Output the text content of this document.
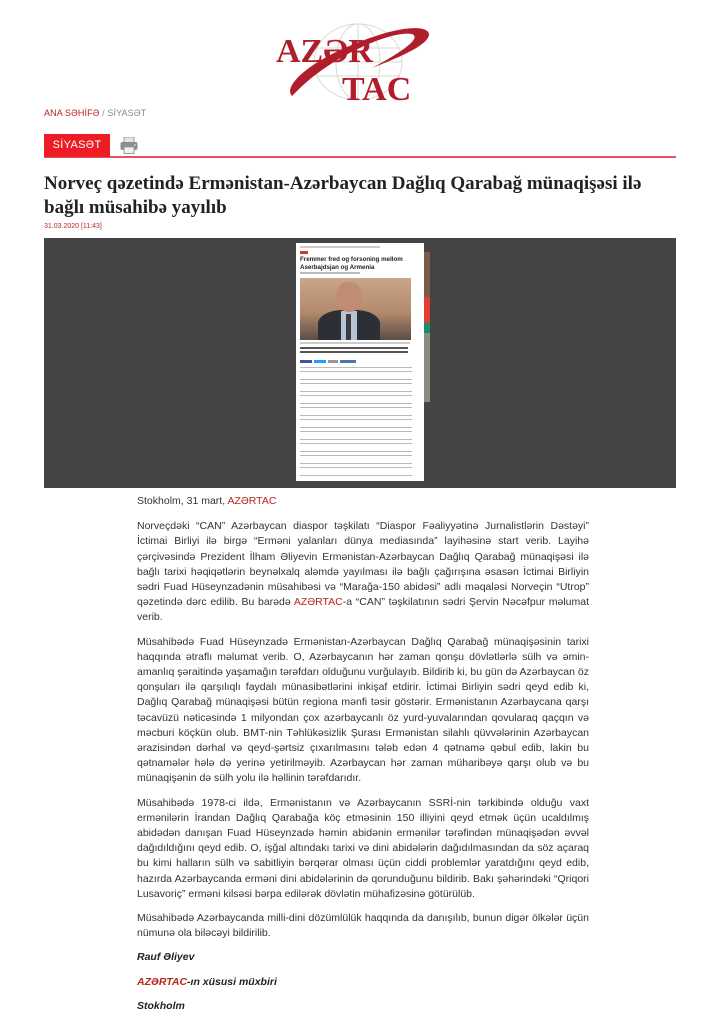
AZƏR
TAC
ANA SƏHİFƏ / SİYASƏT
SİYASƏT
Norveç qəzetində Ermənistan-Azərbaycan Dağlıq Qarabağ münaqişəsi ilə bağlı müsahibə yayılıb
31.03.2020 [11:43]
Fremmer fred og forsoning mellom Aserbajdsjan og Armenia

Stokholm, 31 mart, AZƏRTAC

Norveçdəki “CAN” Azərbaycan diaspor təşkilatı “Diaspor Fəaliyyətinə Jurnalistlərin Dəstəyi” İctimai Birliyi ilə birgə “Erməni yalanları dünya mediasında” layihəsinə start verib. Layihə çərçivəsində Prezident İlham Əliyevin Ermənistan-Azərbaycan Dağlıq Qarabağ münaqişəsi ilə bağlı tarixi həqiqətlərin beynəlxalq aləmdə yayılması ilə bağlı çağırışına əsasən İctimai Birliyin sədri Fuad Hüseynzadənin müsahibəsi və “Marağa-150 abidəsi” adlı məqaləsi Norveçin “Utrop” qəzetində dərc edilib. Bu barədə AZƏRTAC-a “CAN” təşkilatının sədri Şervin Nəcəfpur məlumat verib.

Müsahibədə Fuad Hüseynzadə Ermənistan-Azərbaycan Dağlıq Qarabağ münaqişəsinin tarixi haqqında ətraflı məlumat verib. O, Azərbaycanın hər zaman qonşu dövlətlərlə sülh və əmin-amanlıq şəraitində yaşamağın tərəfdarı olduğunu vurğulayıb. Bildirib ki, bu gün də Azərbaycan öz qonşuları ilə qarşılıqlı faydalı münasibətlərini inkişaf etdirir. İctimai Birliyin sədri qeyd edib ki, Dağlıq Qarabağ münaqişəsi bütün regiona mənfi təsir göstərir. Ermənistanın Azərbaycana qarşı təcavüzü nəticəsində 1 milyondan çox azərbaycanlı öz yurd-yuvalarından qovularaq qaçqın və məcburi köçkün olub. BMT-nin Təhlükəsizlik Şurası Ermənistan silahlı qüvvələrinin Azərbaycan ərazisindən dərhal və qeyd-şərtsiz çıxarılmasını tələb edən 4 qətnamə qəbul edib, lakin bu qətnamələr hələ də yerinə yetirilməyib. Azərbaycan hər zaman müharibəyə qarşı olub və bu münaqişənin də sülh yolu ilə həllinin tərəfdarıdır.

Müsahibədə 1978-ci ildə, Ermənistanın və Azərbaycanın SSRİ-nin tərkibində olduğu vaxt ermənilərin İrandan Dağlıq Qarabağa köç etməsinin 150 illiyini qeyd etmək üçün ucaldılmış abidədən danışan Fuad Hüseynzadə həmin abidənin ermənilər tərəfindən münaqişədən əvvəl dağıdıldığını qeyd edib. O, işğal altındakı tarixi və dini abidələrin dağıdılmasından da söz açaraq bu kimi halların sülh və sabitliyin bərqərar olması üçün ciddi problemlər yaratdığını qeyd edib, hazırda Azərbaycanda erməni dini abidələrinin də qorunduğunu bildirib. Bakı şəhərindəki “Qriqori Lusavoriç” erməni kilsəsi bərpa edilərək dövlətin mühafizəsinə götürülüb.

Müsahibədə Azərbaycanda milli-dini dözümlülük haqqında da danışılıb, bunun digər ölkələr üçün nümunə ola biləcəyi bildirilib.

Rauf Əliyev

AZƏRTAC-ın xüsusi müxbiri

Stokholm
